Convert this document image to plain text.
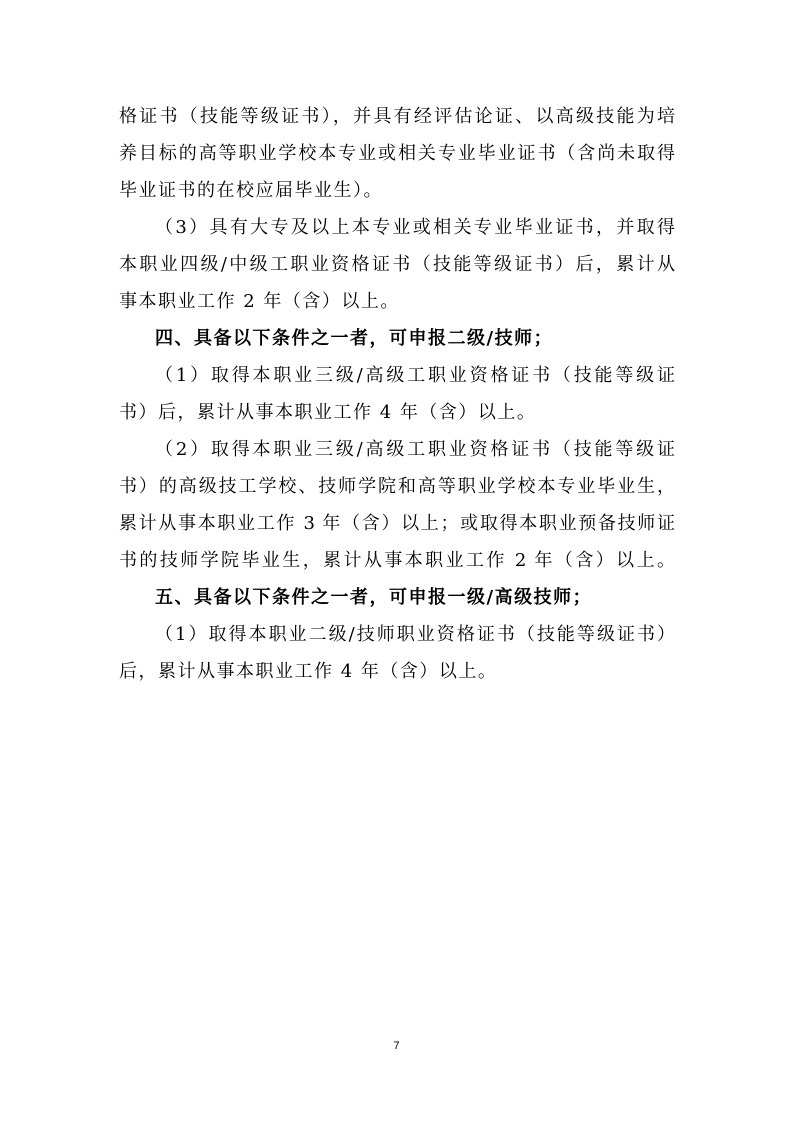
格证书（技能等级证书），并具有经评估论证、以高级技能为培
养目标的高等职业学校本专业或相关专业毕业证书（含尚未取得
毕业证书的在校应届毕业生）。
（3）具有大专及以上本专业或相关专业毕业证书，并取得
本职业四级/中级工职业资格证书（技能等级证书）后，累计从
事本职业工作 2 年（含）以上。
四、具备以下条件之一者，可申报二级/技师；
（1）取得本职业三级/高级工职业资格证书（技能等级证
书）后，累计从事本职业工作 4 年（含）以上。
（2）取得本职业三级/高级工职业资格证书（技能等级证
书）的高级技工学校、技师学院和高等职业学校本专业毕业生，
累计从事本职业工作 3 年（含）以上；或取得本职业预备技师证
书的技师学院毕业生，累计从事本职业工作 2 年（含）以上。
五、具备以下条件之一者，可申报一级/高级技师；
（1）取得本职业二级/技师职业资格证书（技能等级证书）
后，累计从事本职业工作 4 年（含）以上。
7
